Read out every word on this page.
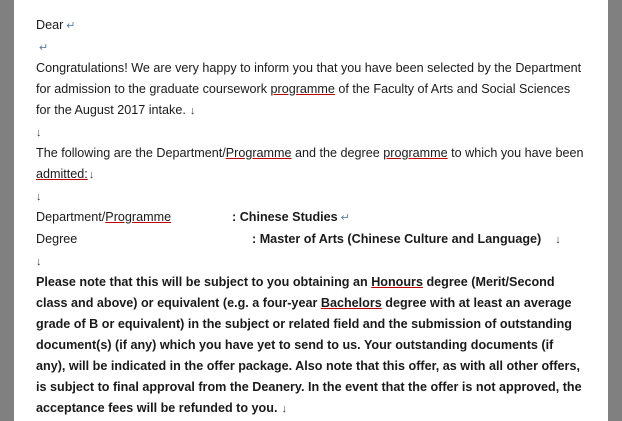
Dear ↵
↵
Congratulations! We are very happy to inform you that you have been selected by the Department for admission to the graduate coursework programme of the Faculty of Arts and Social Sciences for the August 2017 intake. ↓
↓
The following are the Department/Programme and the degree programme to which you have been admitted:↓
↓
Department/Programme	: Chinese Studies ↵
Degree	: Master of Arts (Chinese Culture and Language) ↓
↓
Please note that this will be subject to you obtaining an Honours degree (Merit/Second class and above) or equivalent (e.g. a four-year Bachelors degree with at least an average grade of B or equivalent) in the subject or related field and the submission of outstanding document(s) (if any) which you have yet to send to us. Your outstanding documents (if any), will be indicated in the offer package. Also note that this offer, as with all other offers, is subject to final approval from the Deanery. In the event that the offer is not approved, the acceptance fees will be refunded to you. ↓
